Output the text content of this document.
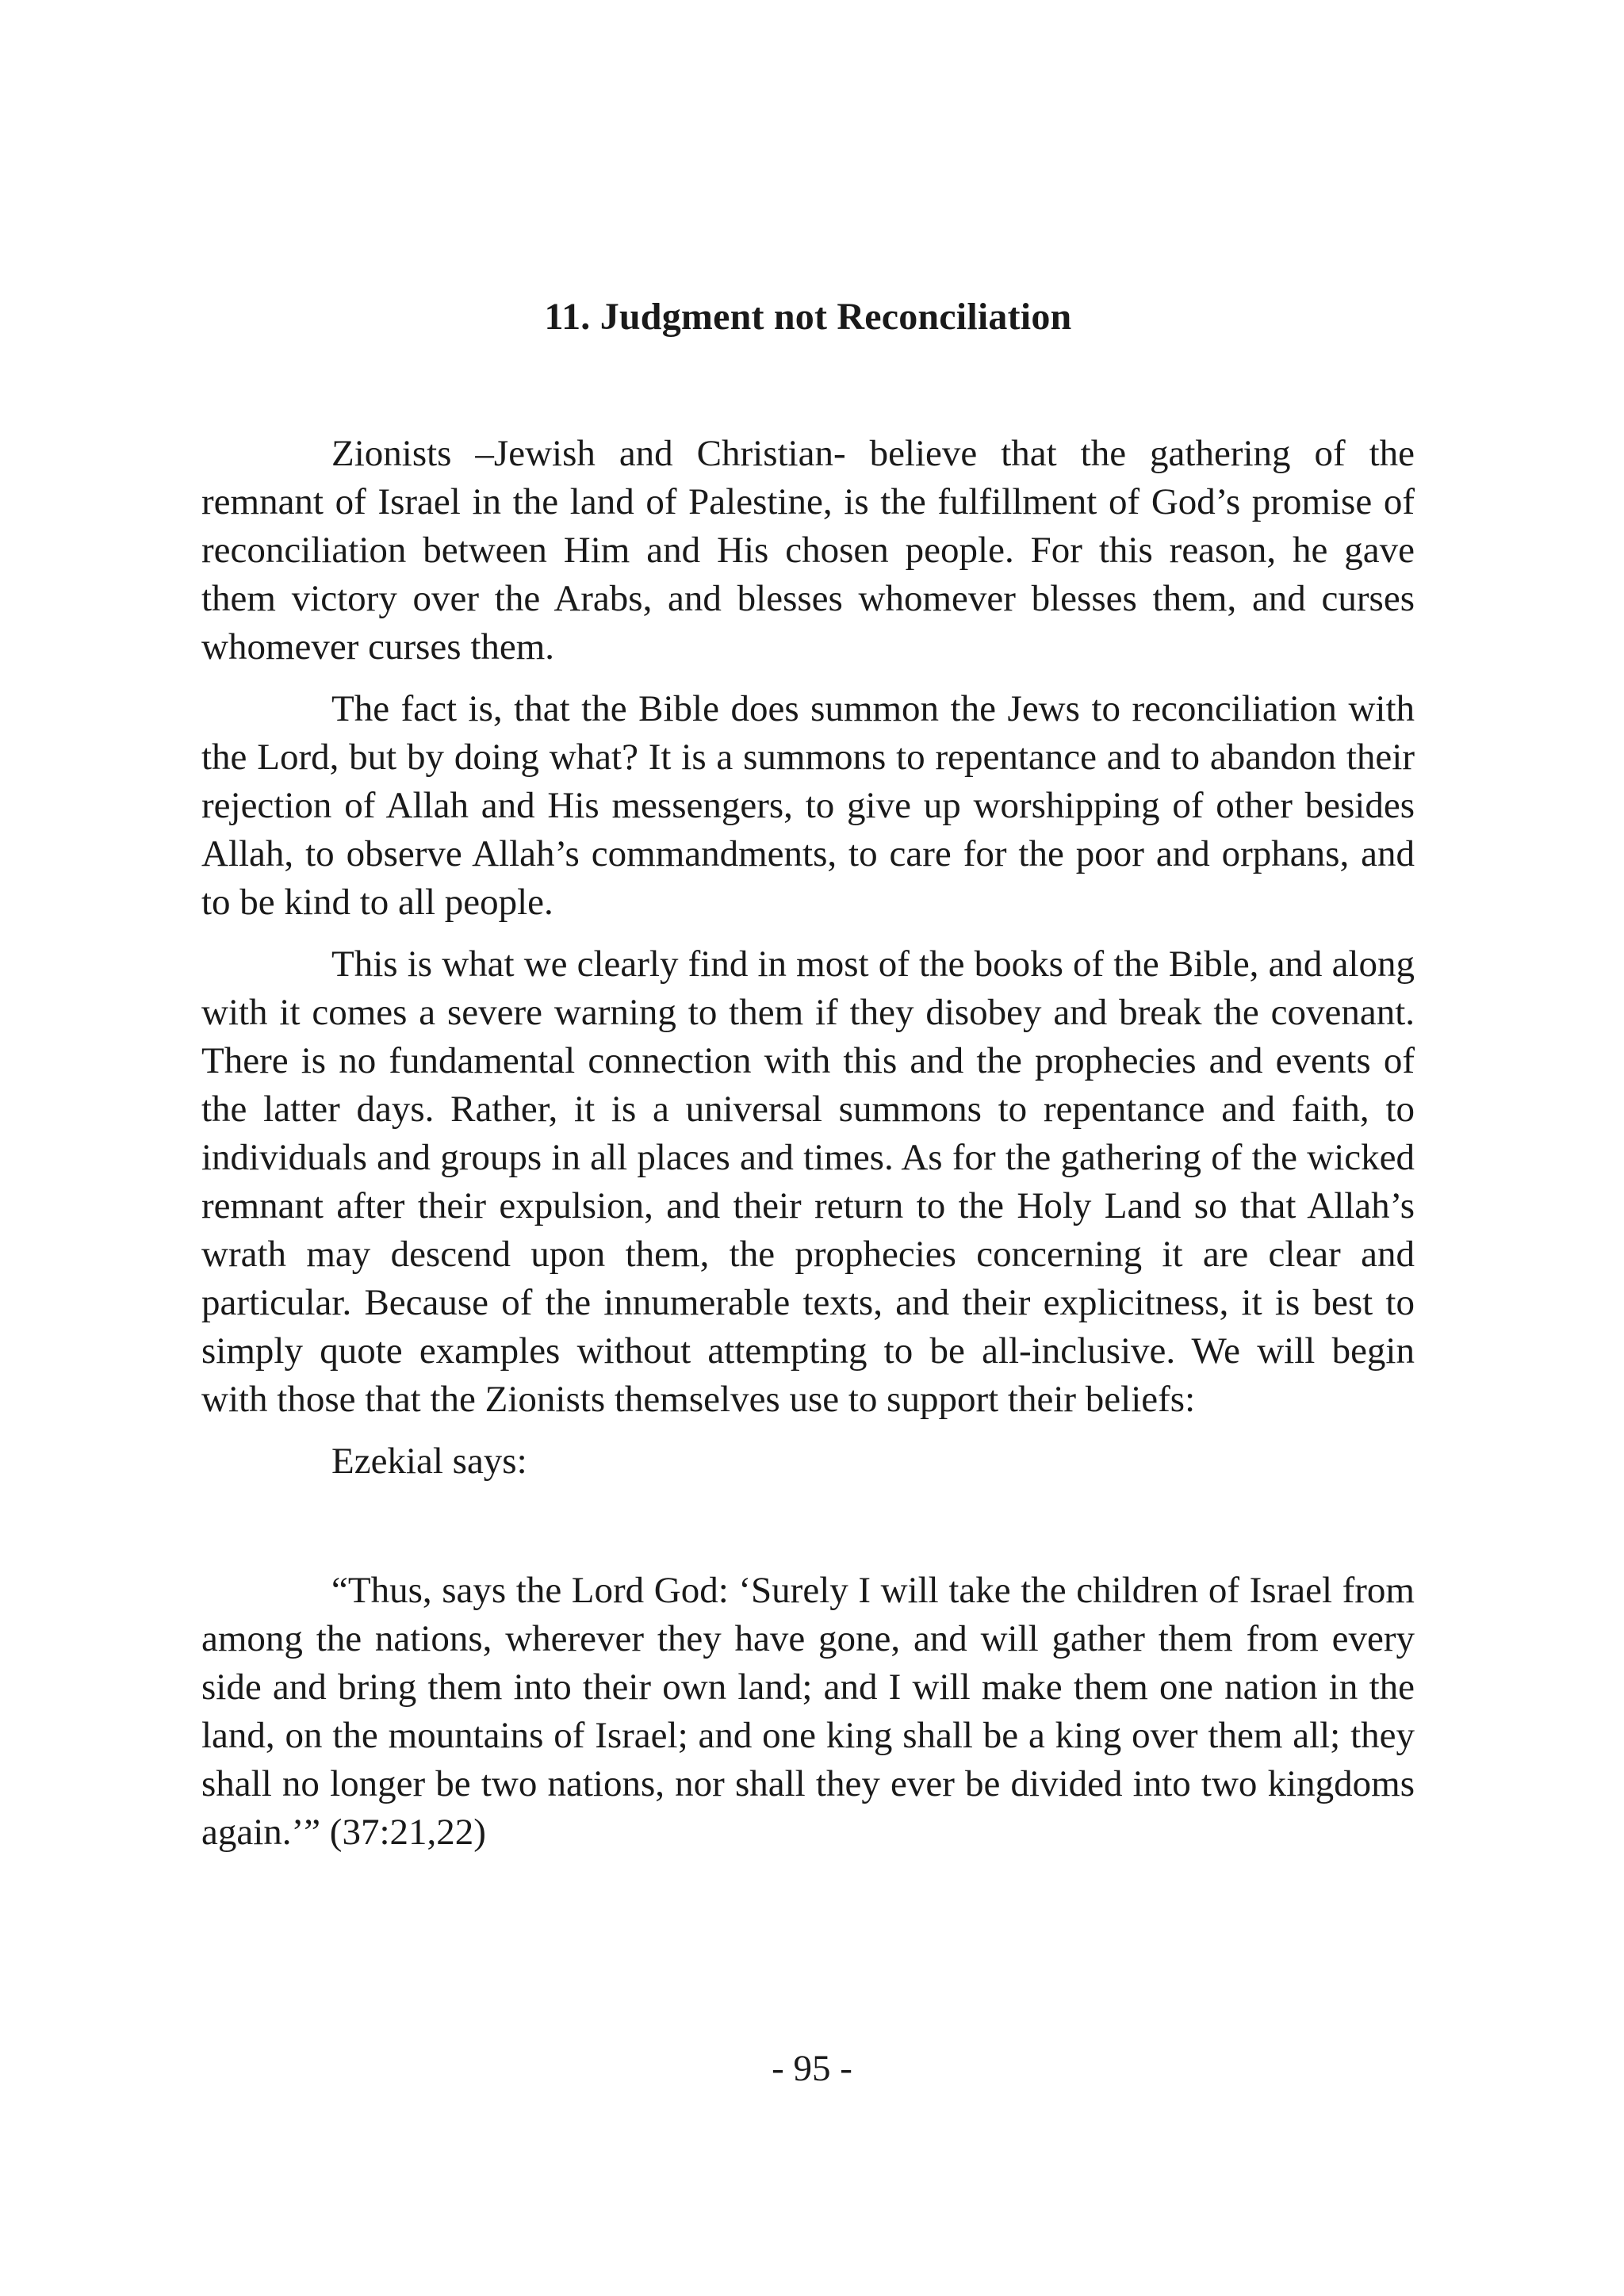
11. Judgment not Reconciliation

Zionists –Jewish and Christian- believe that the gathering of the remnant of Israel in the land of Palestine, is the fulfillment of God’s promise of reconciliation between Him and His chosen people. For this reason, he gave them victory over the Arabs, and blesses whomever blesses them, and curses whomever curses them.

The fact is, that the Bible does summon the Jews to reconciliation with the Lord, but by doing what? It is a summons to repentance and to abandon their rejection of Allah and His messengers, to give up worshipping of other besides Allah, to observe Allah’s commandments, to care for the poor and orphans, and to be kind to all people.

This is what we clearly find in most of the books of the Bible, and along with it comes a severe warning to them if they disobey and break the covenant. There is no fundamental connection with this and the prophecies and events of the latter days. Rather, it is a universal summons to repentance and faith, to individuals and groups in all places and times. As for the gathering of the wicked remnant after their expulsion, and their return to the Holy Land so that Allah’s wrath may descend upon them, the prophecies concerning it are clear and particular. Because of the innumerable texts, and their explicitness, it is best to simply quote examples without attempting to be all-inclusive. We will begin with those that the Zionists themselves use to support their beliefs:

Ezekial says:

“Thus, says the Lord God: ‘Surely I will take the children of Israel from among the nations, wherever they have gone, and will gather them from every side and bring them into their own land; and I will make them one nation in the land, on the mountains of Israel; and one king shall be a king over them all; they shall no longer be two nations, nor shall they ever be divided into two kingdoms again.’” (37:21,22)

- 95 -
